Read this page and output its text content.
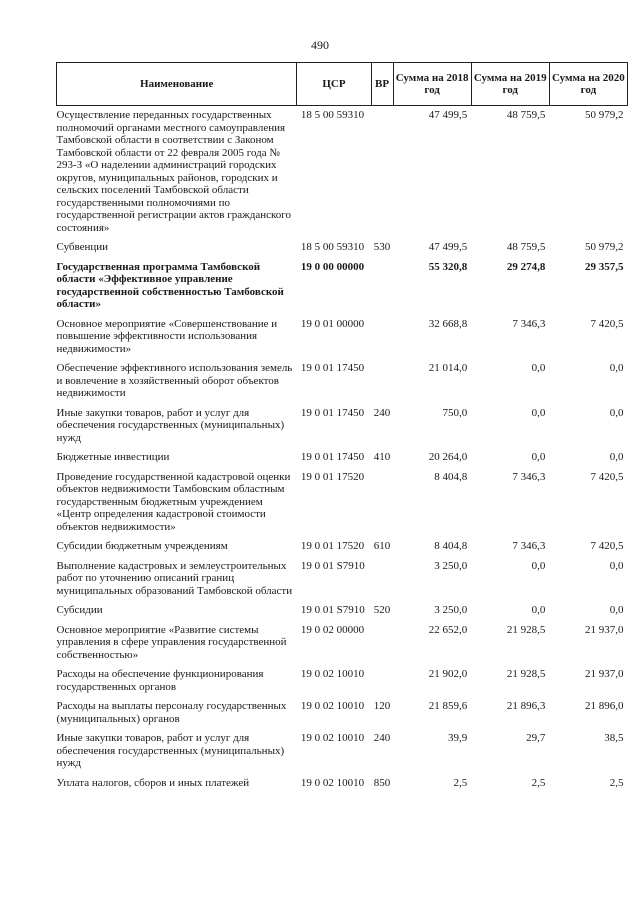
490
Наименование	ЦСР	ВР	Сумма на 2018 год	Сумма на 2019 год	Сумма на 2020 год
Осуществление переданных государственных полномочий органами местного самоуправления Тамбовской области в соответствии с Законом Тамбовской области от 22 февраля 2005 года № 293-З «О наделении администраций городских округов, муниципальных районов, городских и сельских поселений Тамбовской области государственными полномочиями по государственной регистрации актов гражданского состояния»	18 5 00 59310		47 499,5	48 759,5	50 979,2
Субвенции	18 5 00 59310	530	47 499,5	48 759,5	50 979,2
Государственная программа Тамбовской области «Эффективное управление государственной собственностью Тамбовской области»	19 0 00 00000		55 320,8	29 274,8	29 357,5
Основное мероприятие «Совершенствование и повышение эффективности использования недвижимости»	19 0 01 00000		32 668,8	7 346,3	7 420,5
Обеспечение эффективного использования земель и вовлечение в хозяйственный оборот объектов недвижимости	19 0 01 17450		21 014,0	0,0	0,0
Иные закупки товаров, работ и услуг для обеспечения государственных (муниципальных) нужд	19 0 01 17450	240	750,0	0,0	0,0
Бюджетные инвестиции	19 0 01 17450	410	20 264,0	0,0	0,0
Проведение государственной кадастровой оценки объектов недвижимости Тамбовским областным государственным бюджетным учреждением «Центр определения кадастровой стоимости объектов недвижимости»	19 0 01 17520		8 404,8	7 346,3	7 420,5
Субсидии бюджетным учреждениям	19 0 01 17520	610	8 404,8	7 346,3	7 420,5
Выполнение кадастровых и землеустроительных работ по уточнению описаний границ муниципальных образований Тамбовской области	19 0 01 S7910		3 250,0	0,0	0,0
Субсидии	19 0 01 S7910	520	3 250,0	0,0	0,0
Основное мероприятие «Развитие системы управления в сфере управления государственной собственностью»	19 0 02 00000		22 652,0	21 928,5	21 937,0
Расходы на обеспечение функционирования государственных органов	19 0 02 10010		21 902,0	21 928,5	21 937,0
Расходы на выплаты персоналу государственных (муниципальных) органов	19 0 02 10010	120	21 859,6	21 896,3	21 896,0
Иные закупки товаров, работ и услуг для обеспечения государственных (муниципальных) нужд	19 0 02 10010	240	39,9	29,7	38,5
Уплата налогов, сборов и иных платежей	19 0 02 10010	850	2,5	2,5	2,5
